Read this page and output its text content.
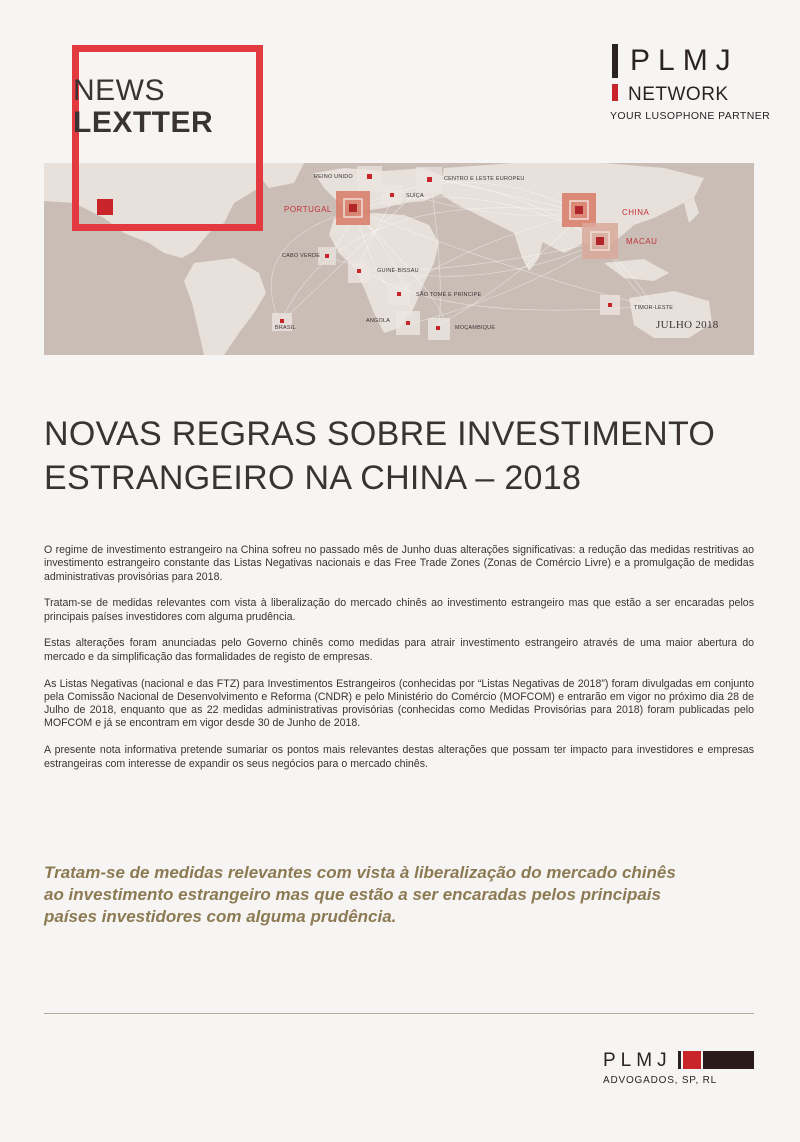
NEWS
LEXTTER
PLMJ
NETWORK
YOUR LUSOPHONE PARTNER
REINO UNIDO	CENTRO E LESTE EUROPEU
PORTUGAL
SUÍÇA
CHINA
MACAU
CABO VERDE
GUINÉ-BISSAU
SÃO TOMÉ E PRÍNCIPE
TIMOR-LESTE
BRASIL
ANGOLA
MOÇAMBIQUE	JULHO 2018
NOVAS REGRAS SOBRE INVESTIMENTO
ESTRANGEIRO NA CHINA – 2018

O regime de investimento estrangeiro na China sofreu no passado mês de Junho duas alterações significativas: a redução das medidas restritivas ao investimento estrangeiro constante das Listas Negativas nacionais e das Free Trade Zones (Zonas de Comércio Livre) e a promulgação de medidas administrativas provisórias para 2018.

Tratam-se de medidas relevantes com vista à liberalização do mercado chinês ao investimento estrangeiro mas que estão a ser encaradas pelos principais países investidores com alguma prudência.

Estas alterações foram anunciadas pelo Governo chinês como medidas para atrair investimento estrangeiro através de uma maior abertura do mercado e da simplificação das formalidades de registo de empresas.

As Listas Negativas (nacional e das FTZ) para Investimentos Estrangeiros (conhecidas por “Listas Negativas de 2018”) foram divulgadas em conjunto pela Comissão Nacional de Desenvolvimento e Reforma (CNDR) e pelo Ministério do Comércio (MOFCOM) e entrarão em vigor no próximo dia 28 de Julho de 2018, enquanto que as 22 medidas administrativas provisórias (conhecidas como Medidas Provisórias para 2018) foram publicadas pelo MOFCOM e já se encontram em vigor desde 30 de Junho de 2018.

A presente nota informativa pretende sumariar os pontos mais relevantes destas alterações que possam ter impacto para investidores e empresas estrangeiras com interesse de expandir os seus negócios para o mercado chinês.

Tratam-se de medidas relevantes com vista à liberalização do mercado chinês ao investimento estrangeiro mas que estão a ser encaradas pelos principais países investidores com alguma prudência.

PLMJ
ADVOGADOS, SP, RL
